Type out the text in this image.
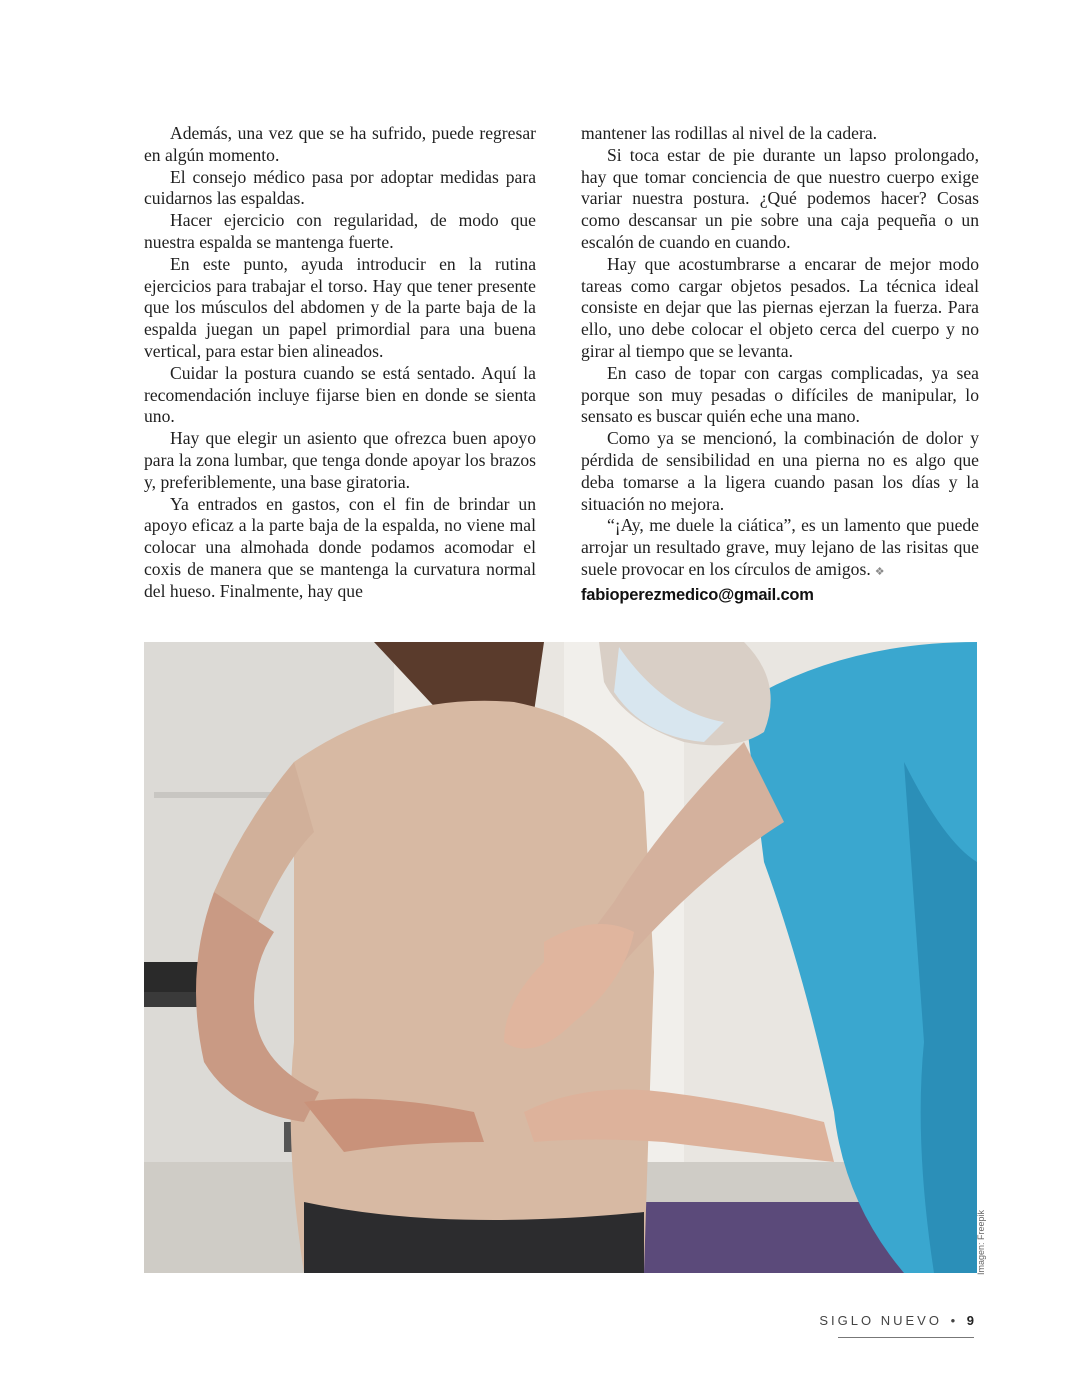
Además, una vez que se ha sufrido, puede regresar en algún momento.

El consejo médico pasa por adoptar medidas para cuidarnos las espaldas.

Hacer ejercicio con regularidad, de modo que nuestra espalda se mantenga fuerte.

En este punto, ayuda introducir en la rutina ejercicios para trabajar el torso. Hay que tener presente que los músculos del abdomen y de la parte baja de la espalda juegan un papel primordial para una buena vertical, para estar bien alineados.

Cuidar la postura cuando se está sentado. Aquí la recomendación incluye fijarse bien en donde se sienta uno.

Hay que elegir un asiento que ofrezca buen apoyo para la zona lumbar, que tenga donde apoyar los brazos y, preferiblemente, una base giratoria.

Ya entrados en gastos, con el fin de brindar un apoyo eficaz a la parte baja de la espalda, no viene mal colocar una almohada donde podamos acomodar el coxis de manera que se mantenga la curvatura normal del hueso. Finalmente, hay que

mantener las rodillas al nivel de la cadera.

Si toca estar de pie durante un lapso prolongado, hay que tomar conciencia de que nuestro cuerpo exige variar nuestra postura. ¿Qué podemos hacer? Cosas como descansar un pie sobre una caja pequeña o un escalón de cuando en cuando.

Hay que acostumbrarse a encarar de mejor modo tareas como cargar objetos pesados. La técnica ideal consiste en dejar que las piernas ejerzan la fuerza. Para ello, uno debe colocar el objeto cerca del cuerpo y no girar al tiempo que se levanta.

En caso de topar con cargas complicadas, ya sea porque son muy pesadas o difíciles de manipular, lo sensato es buscar quién eche una mano.

Como ya se mencionó, la combinación de dolor y pérdida de sensibilidad en una pierna no es algo que deba tomarse a la ligera cuando pasan los días y la situación no mejora.

“¡Ay, me duele la ciática”, es un lamento que puede arrojar un resultado grave, muy lejano de las risitas que suele provocar en los círculos de amigos. ❖

fabioperezmedico@gmail.com
Imagen: Freepik
SIGLO NUEVO • 9
